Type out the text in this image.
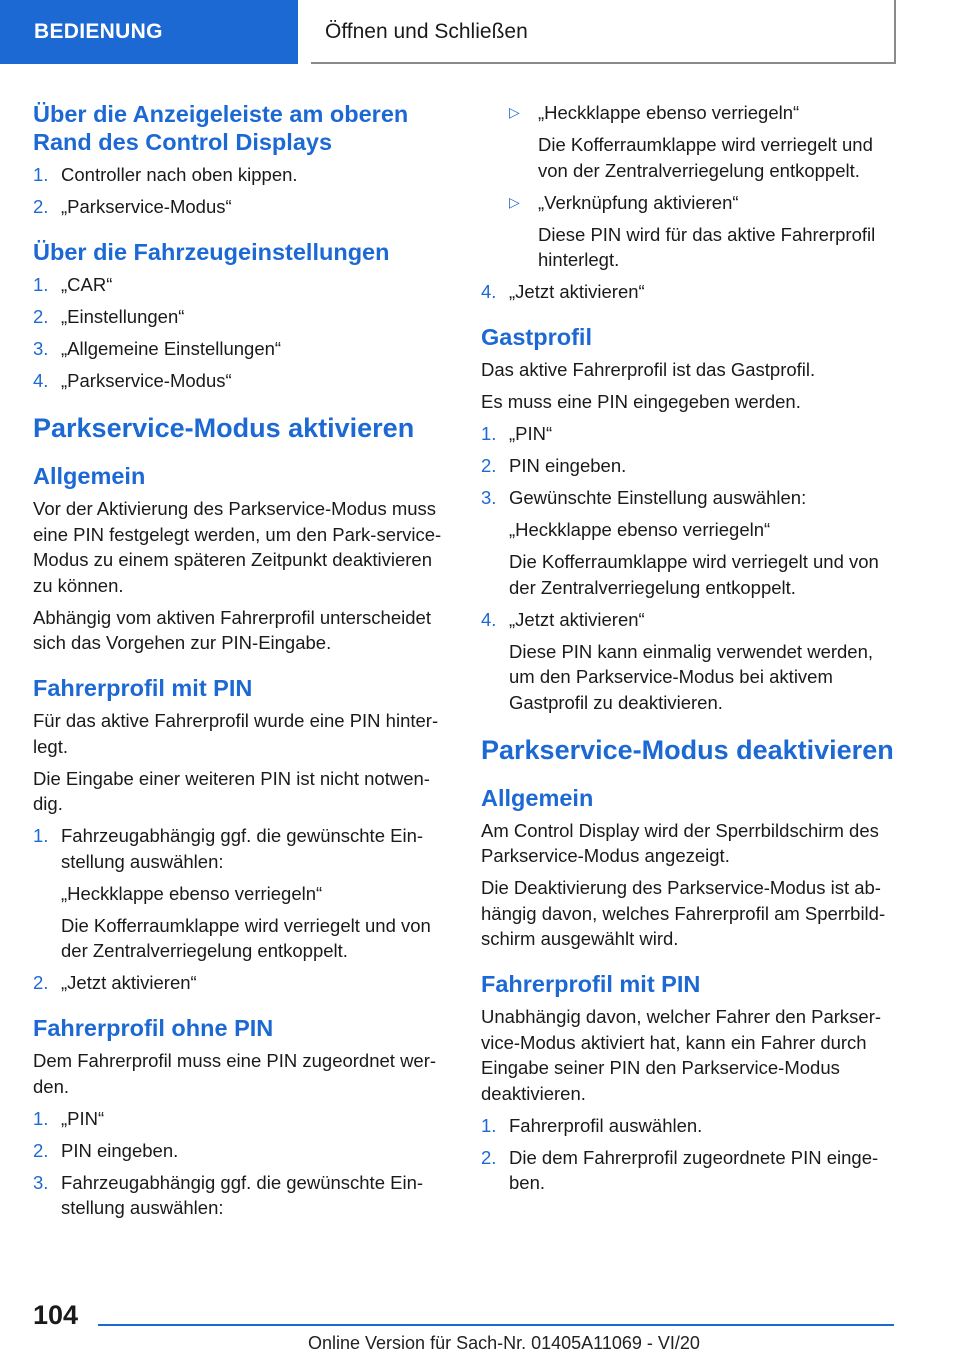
BEDIENUNG	Öffnen und Schließen
Über die Anzeigeleiste am oberen Rand des Control Displays
1. Controller nach oben kippen.
2. „Parkservice-Modus“
Über die Fahrzeugeinstellungen
1. „CAR“
2. „Einstellungen“
3. „Allgemeine Einstellungen“
4. „Parkservice-Modus“
Parkservice-Modus aktivieren
Allgemein
Vor der Aktivierung des Parkservice-Modus muss eine PIN festgelegt werden, um den Park-service-Modus zu einem späteren Zeitpunkt deaktivieren zu können.
Abhängig vom aktiven Fahrerprofil unterscheidet sich das Vorgehen zur PIN-Eingabe.
Fahrerprofil mit PIN
Für das aktive Fahrerprofil wurde eine PIN hinter-legt.
Die Eingabe einer weiteren PIN ist nicht notwen-dig.
1. Fahrzeugabhängig ggf. die gewünschte Ein-stellung auswählen:
„Heckklappe ebenso verriegeln“
Die Kofferraumklappe wird verriegelt und von der Zentralverriegelung entkoppelt.
2. „Jetzt aktivieren“
Fahrerprofil ohne PIN
Dem Fahrerprofil muss eine PIN zugeordnet wer-den.
1. „PIN“
2. PIN eingeben.
3. Fahrzeugabhängig ggf. die gewünschte Ein-stellung auswählen:
▷ „Heckklappe ebenso verriegeln“
Die Kofferraumklappe wird verriegelt und von der Zentralverriegelung entkoppelt.
▷ „Verknüpfung aktivieren“
Diese PIN wird für das aktive Fahrerprofil hinterlegt.
4. „Jetzt aktivieren“
Gastprofil
Das aktive Fahrerprofil ist das Gastprofil.
Es muss eine PIN eingegeben werden.
1. „PIN“
2. PIN eingeben.
3. Gewünschte Einstellung auswählen:
„Heckklappe ebenso verriegeln“
Die Kofferraumklappe wird verriegelt und von der Zentralverriegelung entkoppelt.
4. „Jetzt aktivieren“
Diese PIN kann einmalig verwendet werden, um den Parkservice-Modus bei aktivem Gastprofil zu deaktivieren.
Parkservice-Modus deaktivieren
Allgemein
Am Control Display wird der Sperrbildschirm des Parkservice-Modus angezeigt.
Die Deaktivierung des Parkservice-Modus ist ab-hängig davon, welches Fahrerprofil am Sperrbild-schirm ausgewählt wird.
Fahrerprofil mit PIN
Unabhängig davon, welcher Fahrer den Parkser-vice-Modus aktiviert hat, kann ein Fahrer durch Eingabe seiner PIN den Parkservice-Modus deaktivieren.
1. Fahrerprofil auswählen.
2. Die dem Fahrerprofil zugeordnete PIN einge-ben.
104
Online Version für Sach-Nr. 01405A11069 - VI/20
